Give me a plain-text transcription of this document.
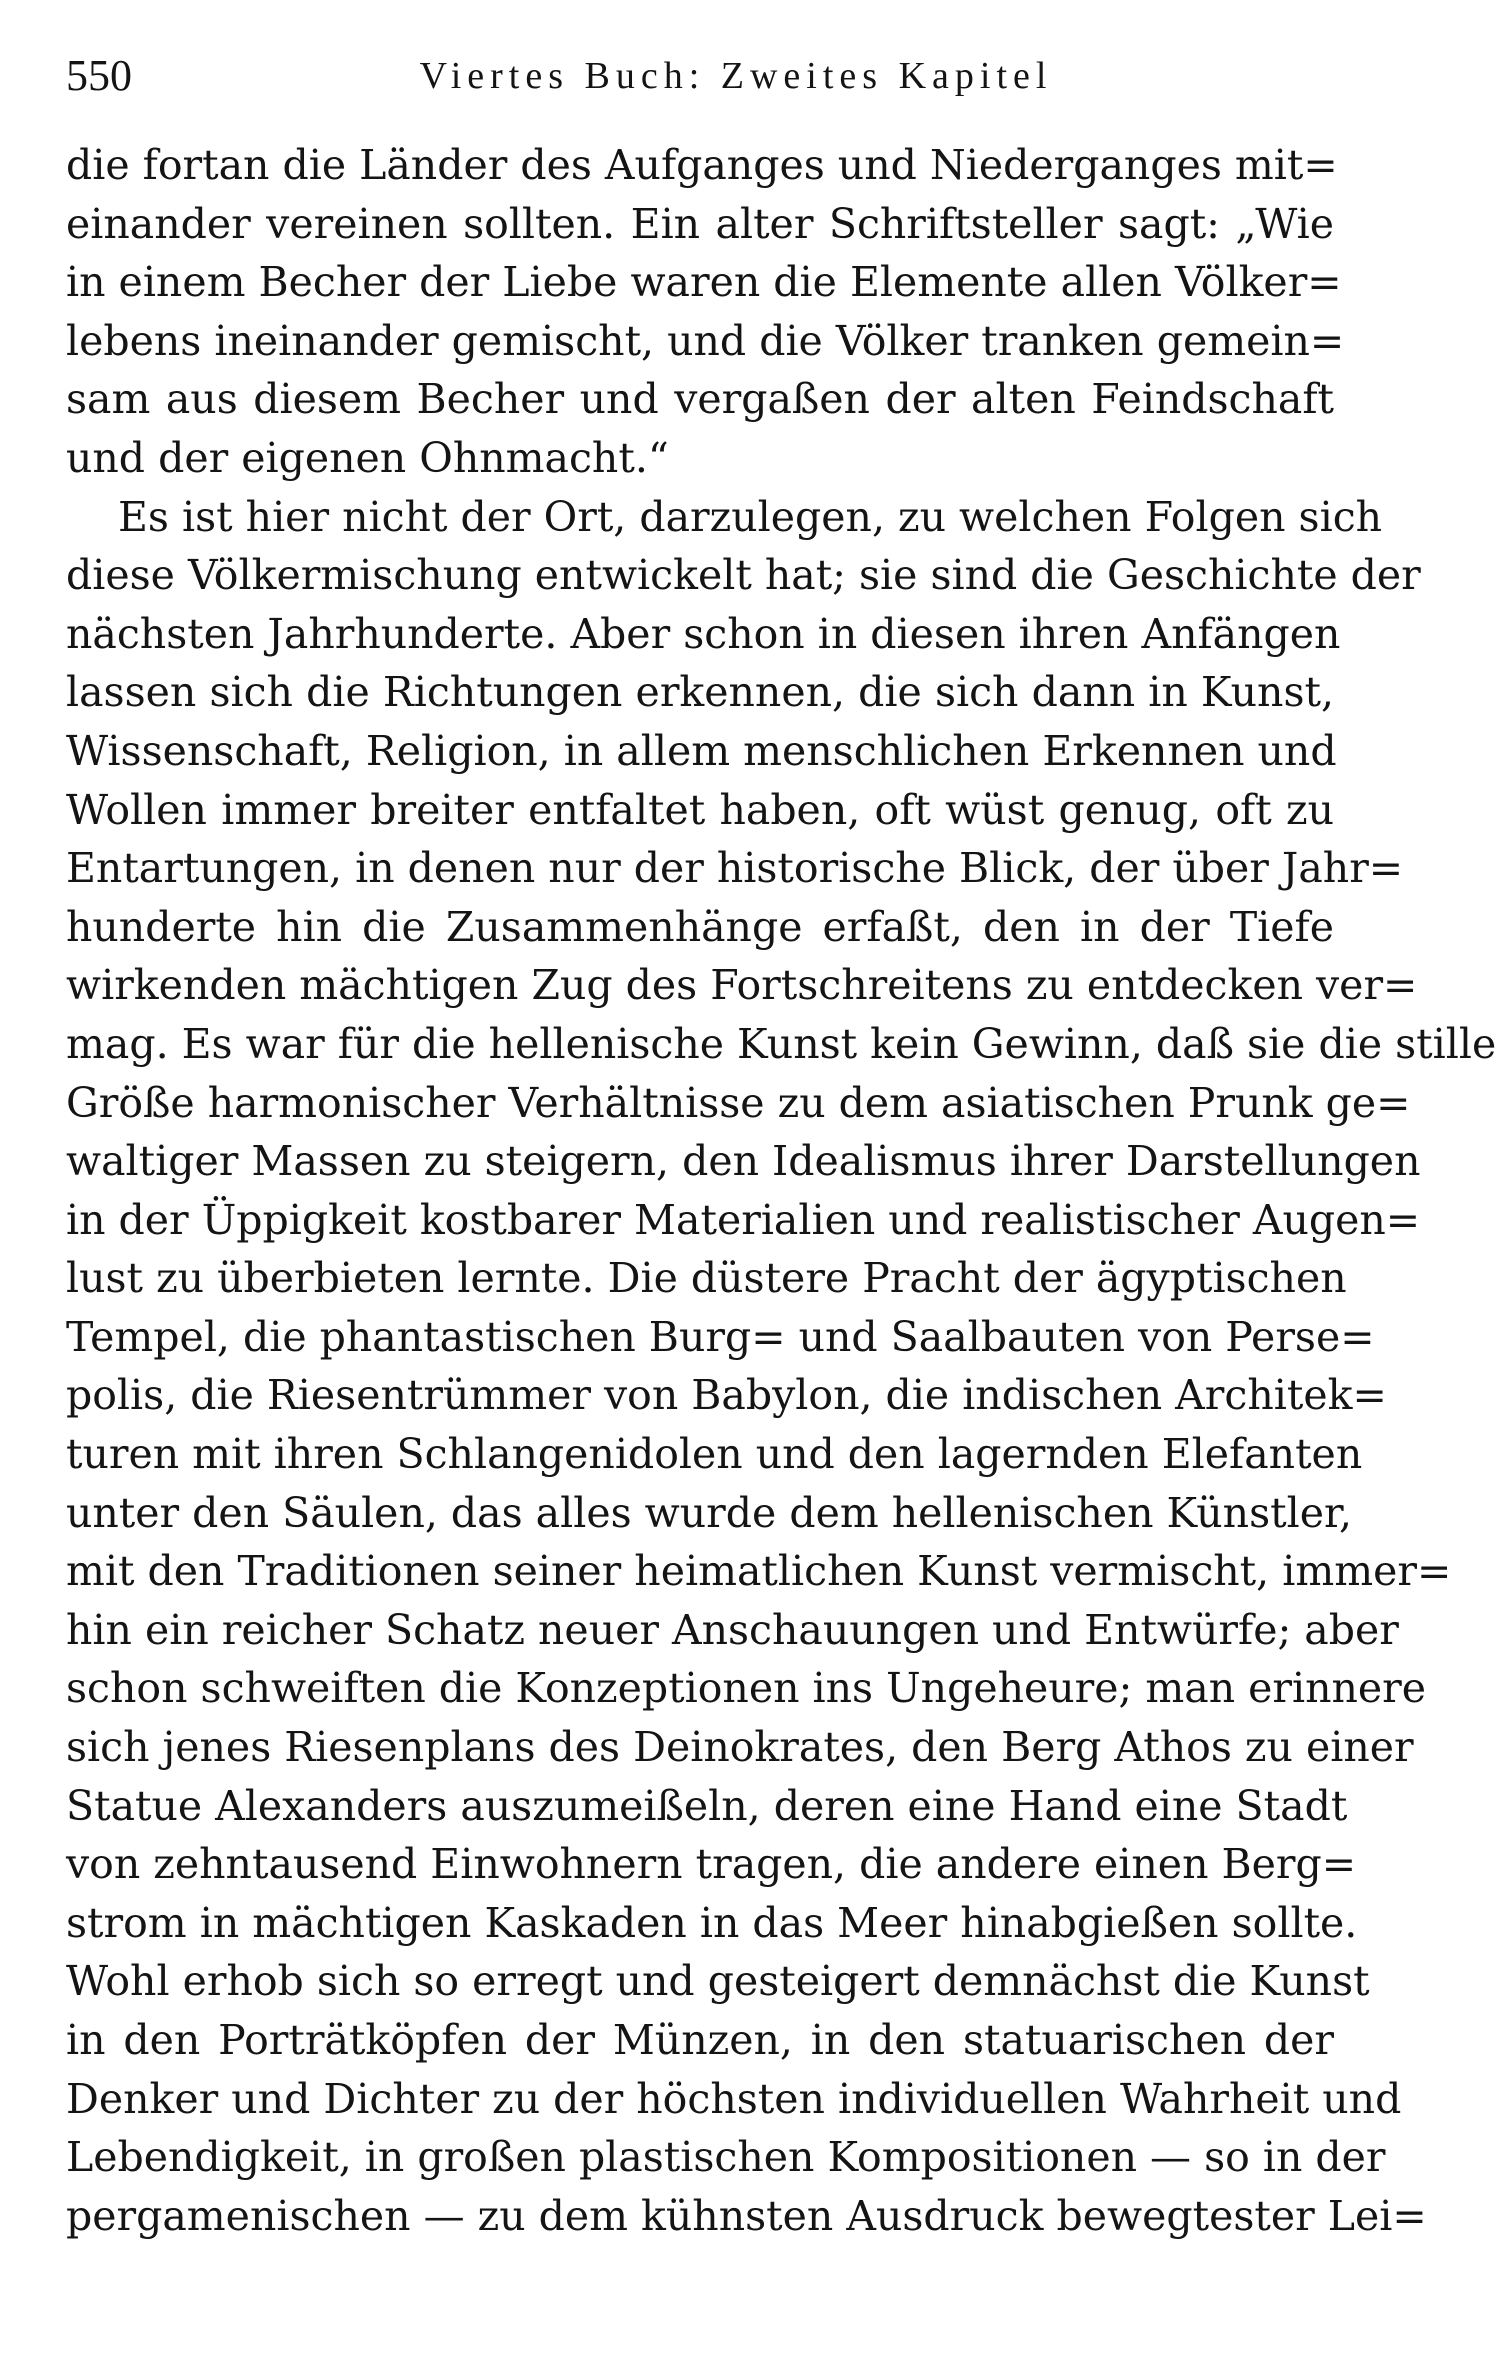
550	Viertes Buch: Zweites Kapitel
die fortan die Länder des Aufganges und Niederganges mit=
einander vereinen sollten. Ein alter Schriftsteller sagt: „Wie
in einem Becher der Liebe waren die Elemente allen Völker=
lebens ineinander gemischt, und die Völker tranken gemein=
sam aus diesem Becher und vergaßen der alten Feindschaft
und der eigenen Ohnmacht.“
Es ist hier nicht der Ort, darzulegen, zu welchen Folgen sich
diese Völkermischung entwickelt hat; sie sind die Geschichte der
nächsten Jahrhunderte. Aber schon in diesen ihren Anfängen
lassen sich die Richtungen erkennen, die sich dann in Kunst,
Wissenschaft, Religion, in allem menschlichen Erkennen und
Wollen immer breiter entfaltet haben, oft wüst genug, oft zu
Entartungen, in denen nur der historische Blick, der über Jahr=
hunderte hin die Zusammenhänge erfaßt, den in der Tiefe
wirkenden mächtigen Zug des Fortschreitens zu entdecken ver=
mag. Es war für die hellenische Kunst kein Gewinn, daß sie die stille
Größe harmonischer Verhältnisse zu dem asiatischen Prunk ge=
waltiger Massen zu steigern, den Idealismus ihrer Darstellungen
in der Üppigkeit kostbarer Materialien und realistischer Augen=
lust zu überbieten lernte. Die düstere Pracht der ägyptischen
Tempel, die phantastischen Burg= und Saalbauten von Perse=
polis, die Riesentrümmer von Babylon, die indischen Architek=
turen mit ihren Schlangenidolen und den lagernden Elefanten
unter den Säulen, das alles wurde dem hellenischen Künstler,
mit den Traditionen seiner heimatlichen Kunst vermischt, immer=
hin ein reicher Schatz neuer Anschauungen und Entwürfe; aber
schon schweiften die Konzeptionen ins Ungeheure; man erinnere
sich jenes Riesenplans des Deinokrates, den Berg Athos zu einer
Statue Alexanders auszumeißeln, deren eine Hand eine Stadt
von zehntausend Einwohnern tragen, die andere einen Berg=
strom in mächtigen Kaskaden in das Meer hinabgießen sollte.
Wohl erhob sich so erregt und gesteigert demnächst die Kunst
in den Porträtköpfen der Münzen, in den statuarischen der
Denker und Dichter zu der höchsten individuellen Wahrheit und
Lebendigkeit, in großen plastischen Kompositionen — so in der
pergamenischen — zu dem kühnsten Ausdruck bewegtester Lei=
